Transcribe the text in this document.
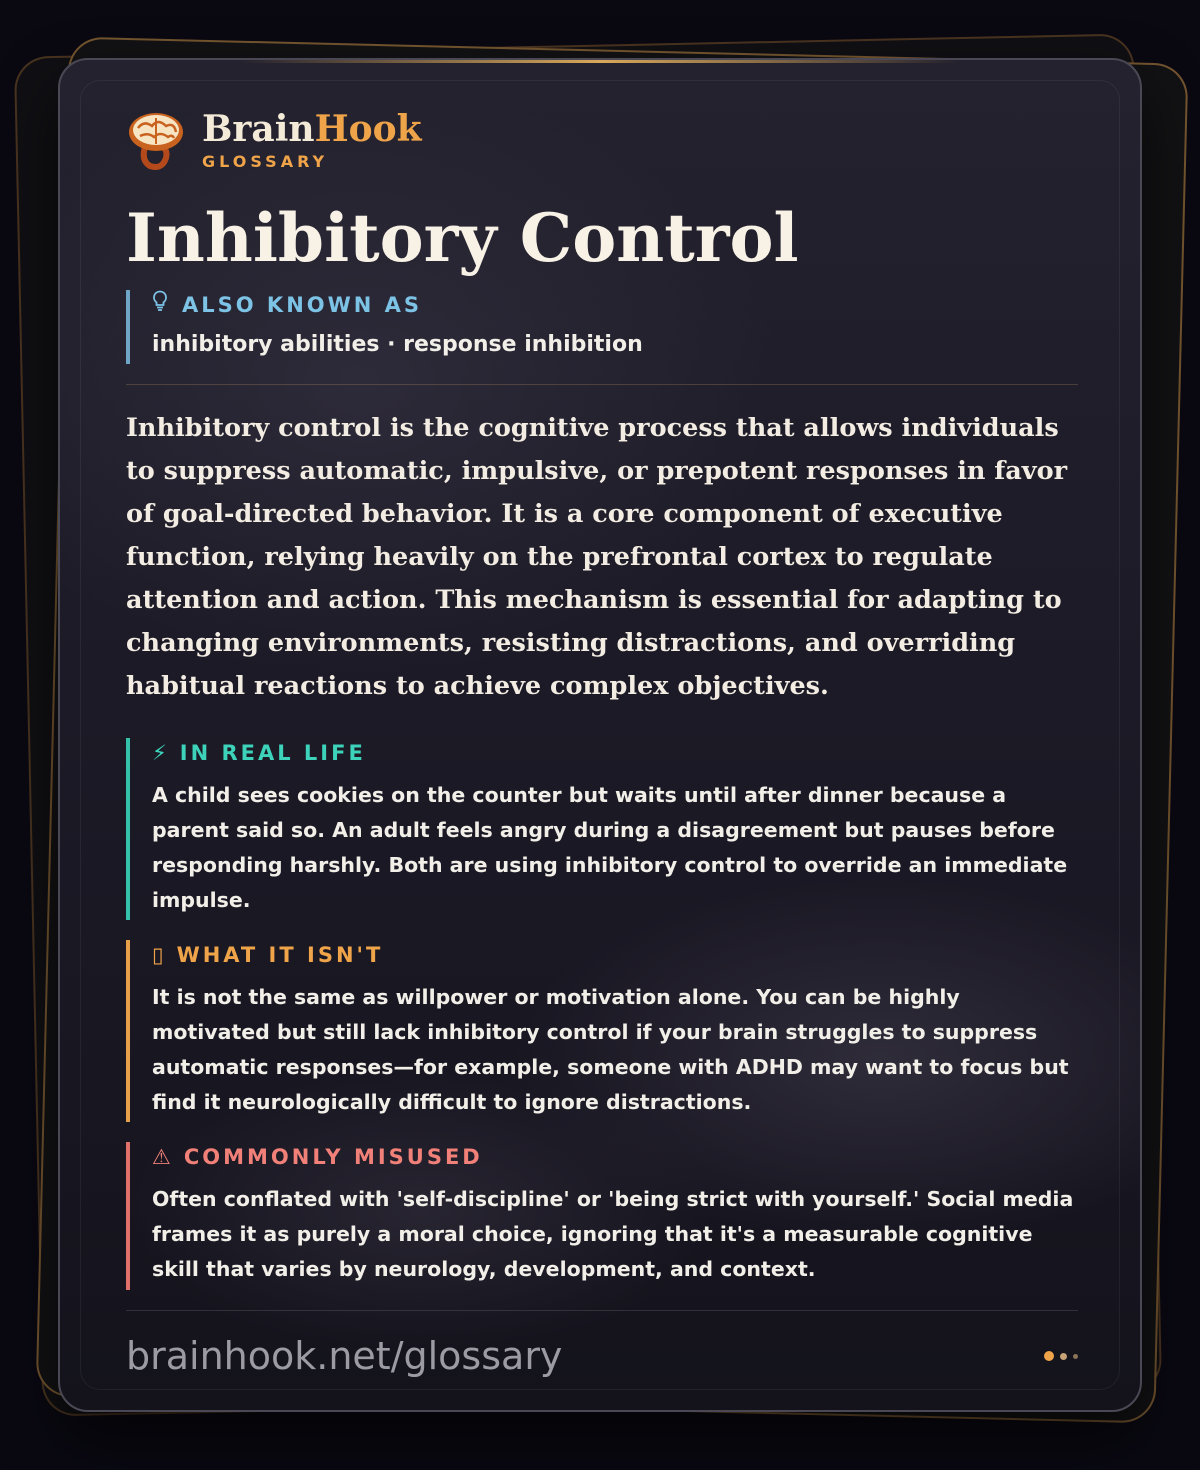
BrainHook
GLOSSARY
Inhibitory Control
ALSO KNOWN AS
inhibitory abilities · response inhibition

Inhibitory control is the cognitive process that allows individuals to suppress automatic, impulsive, or prepotent responses in favor of goal-directed behavior. It is a core component of executive function, relying heavily on the prefrontal cortex to regulate attention and action. This mechanism is essential for adapting to changing environments, resisting distractions, and overriding habitual reactions to achieve complex objectives.

⚡ IN REAL LIFE
A child sees cookies on the counter but waits until after dinner because a parent said so. An adult feels angry during a disagreement but pauses before responding harshly. Both are using inhibitory control to override an immediate impulse.
▯ WHAT IT ISN'T
It is not the same as willpower or motivation alone. You can be highly motivated but still lack inhibitory control if your brain struggles to suppress automatic responses—for example, someone with ADHD may want to focus but find it neurologically difficult to ignore distractions.
⚠ COMMONLY MISUSED
Often conflated with 'self-discipline' or 'being strict with yourself.' Social media frames it as purely a moral choice, ignoring that it's a measurable cognitive skill that varies by neurology, development, and context.
brainhook.net/glossary
